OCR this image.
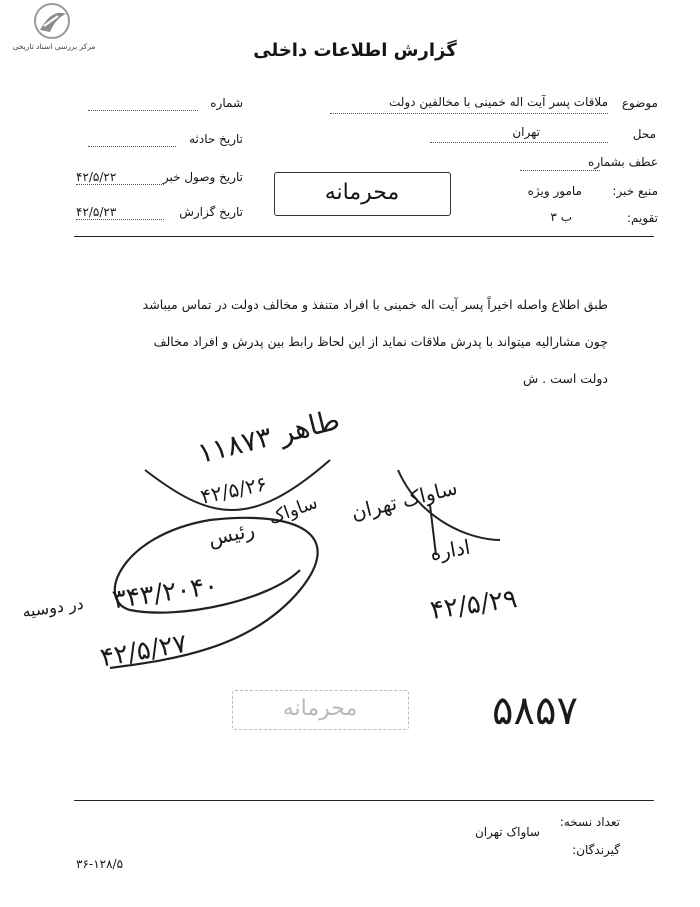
مرکز بررسی اسناد تاریخی	گزارش اطلاعات داخلی
موضوع
ملاقات پسر آیت اله خمینی با مخالفین دولت
محل
تهران
عطف بشماره
منبع خبر:
مامور ویژه
تقویم:
ب ۳
شماره
تاریخ حادثه
تاریخ وصول خبر
۴۲/۵/۲۲
تاریخ گزارش
۴۲/۵/۲۳
محرمانه
طبق اطلاع واصله اخیراً پسر آیت اله خمینی با افراد متنفذ و مخالف دولت در تماس میباشد
چون مشارالیه میتواند با پدرش ملاقات نماید از این لحاظ رابط بین پدرش و افراد مخالف
دولت است . ش
۱۱۸۷۳ طاهر
۴۲/۵/۲۶
ساواک
رئیس
۳۴۳/۲۰۴۰
در دوسیه
۴۲/۵/۲۷
ساواک تهران
اداره
۴۲/۵/۲۹
محرمانه	۵۸۵۷
تعداد نسخه:
ساواک تهران
گیرندگان:
۳۶-۱۲۸/۵
